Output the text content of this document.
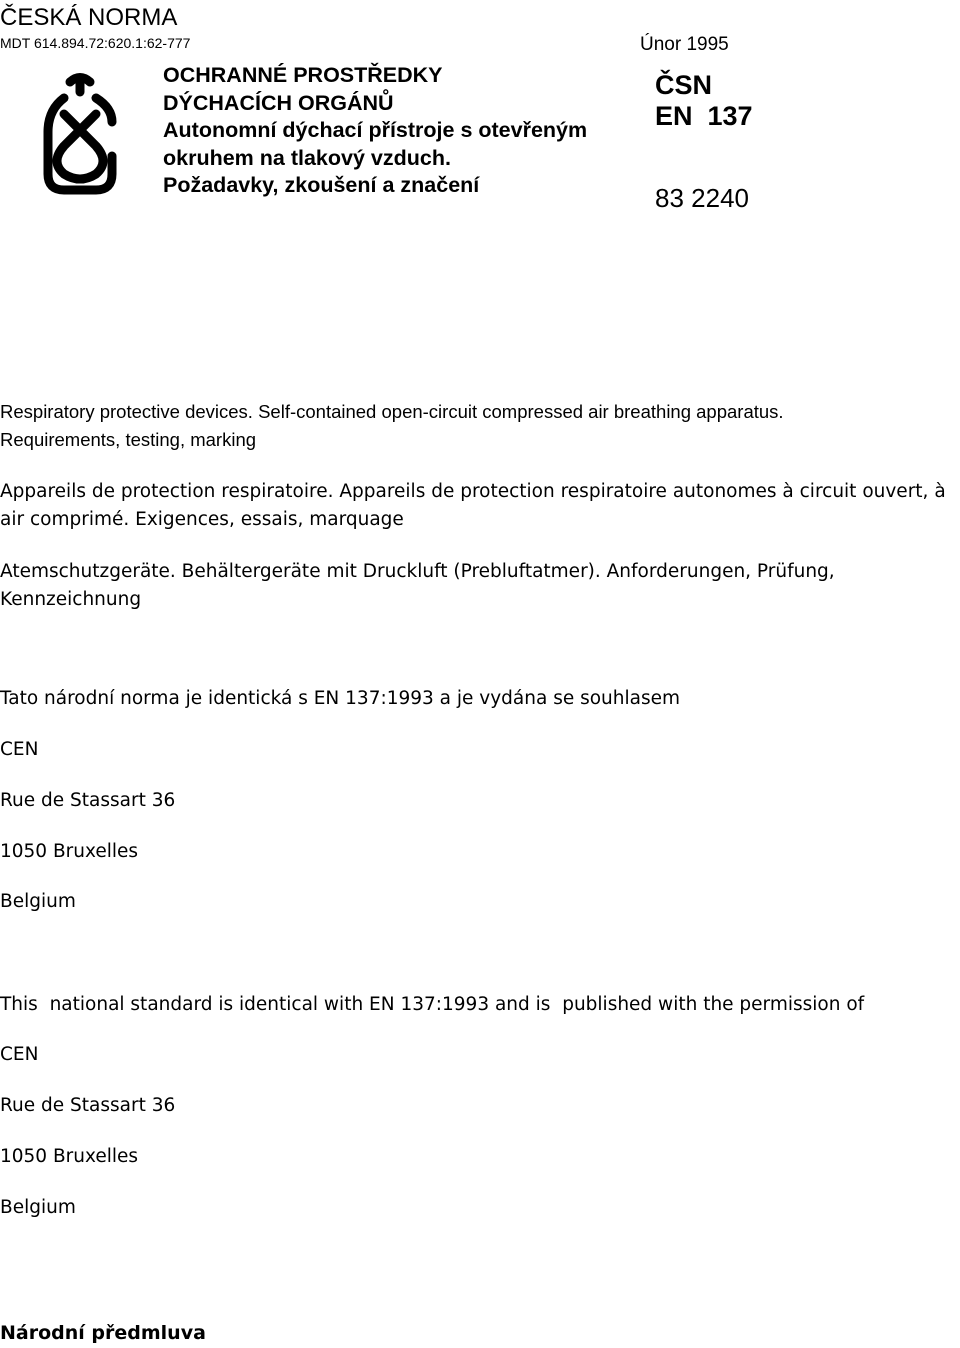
ČESKÁ NORMA
MDT 614.894.72:620.1:62-777	Únor 1995
OCHRANNÉ PROSTŘEDKY
DÝCHACÍCH ORGÁNŮ
Autonomní dýchací přístroje s otevřeným
okruhem na tlakový vzduch.
Požadavky, zkoušení a značení
ČSN
EN  137
83 2240
Respiratory protective devices. Self-contained open-circuit compressed air breathing apparatus.
Requirements, testing, marking
Appareils de protection respiratoire. Appareils de protection respiratoire autonomes à circuit ouvert, à
air comprimé. Exigences, essais, marquage
Atemschutzgeräte. Behältergeräte mit Druckluft (Prebluftatmer). Anforderungen, Prüfung,
Kennzeichnung
Tato národní norma je identická s EN 137:1993 a je vydána se souhlasem
CEN
Rue de Stassart 36
1050 Bruxelles
Belgium
This  national standard is identical with EN 137:1993 and is  published with the permission of
CEN
Rue de Stassart 36
1050 Bruxelles
Belgium
Národní předmluva
